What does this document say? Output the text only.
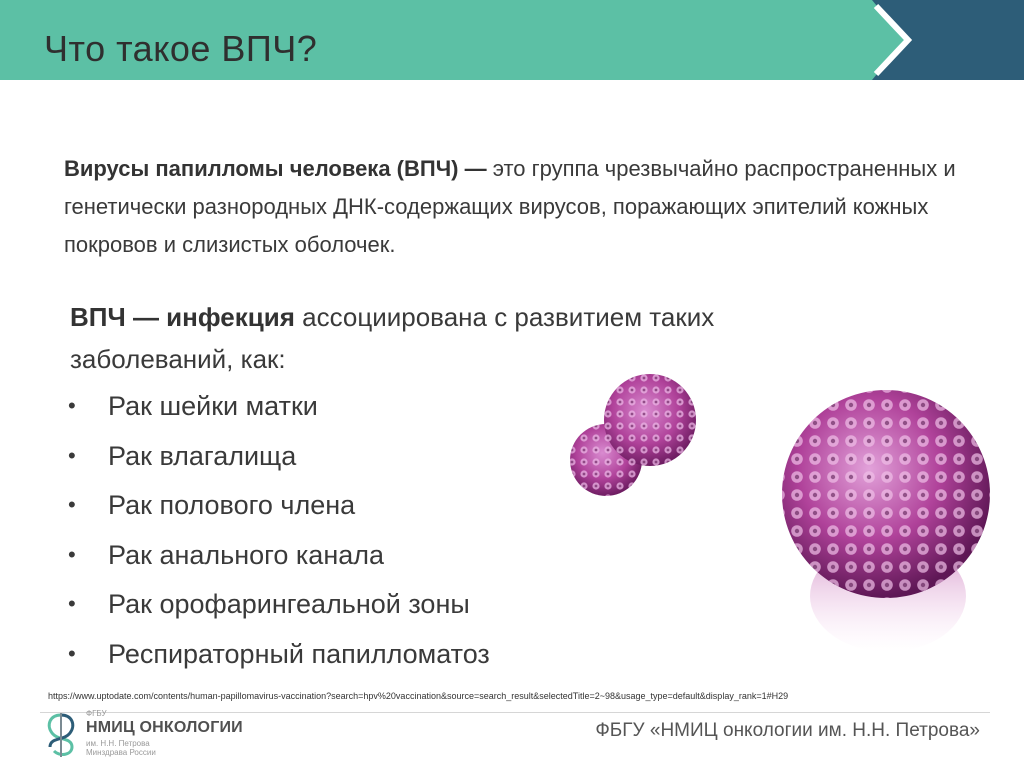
Что такое ВПЧ?
Вирусы папилломы человека (ВПЧ) — это группа чрезвычайно распространенных и генетически разнородных ДНК-содержащих вирусов, поражающих эпителий кожных покровов и слизистых оболочек.
ВПЧ — инфекция ассоциирована с развитием таких заболеваний, как:
•	Рак шейки матки
•	Рак влагалища
•	Рак полового члена
•	Рак анального канала
•	Рак орофарингеальной зоны
•	Респираторный папилломатоз
https://www.uptodate.com/contents/human-papillomavirus-vaccination?search=hpv%20vaccination&source=search_result&selectedTitle=2~98&usage_type=default&display_rank=1#H29
ФГБУ
НМИЦ ОНКОЛОГИИ
им. Н.Н. Петрова
Минздрава России
ФБГУ «НМИЦ онкологии им. Н.Н. Петрова»
